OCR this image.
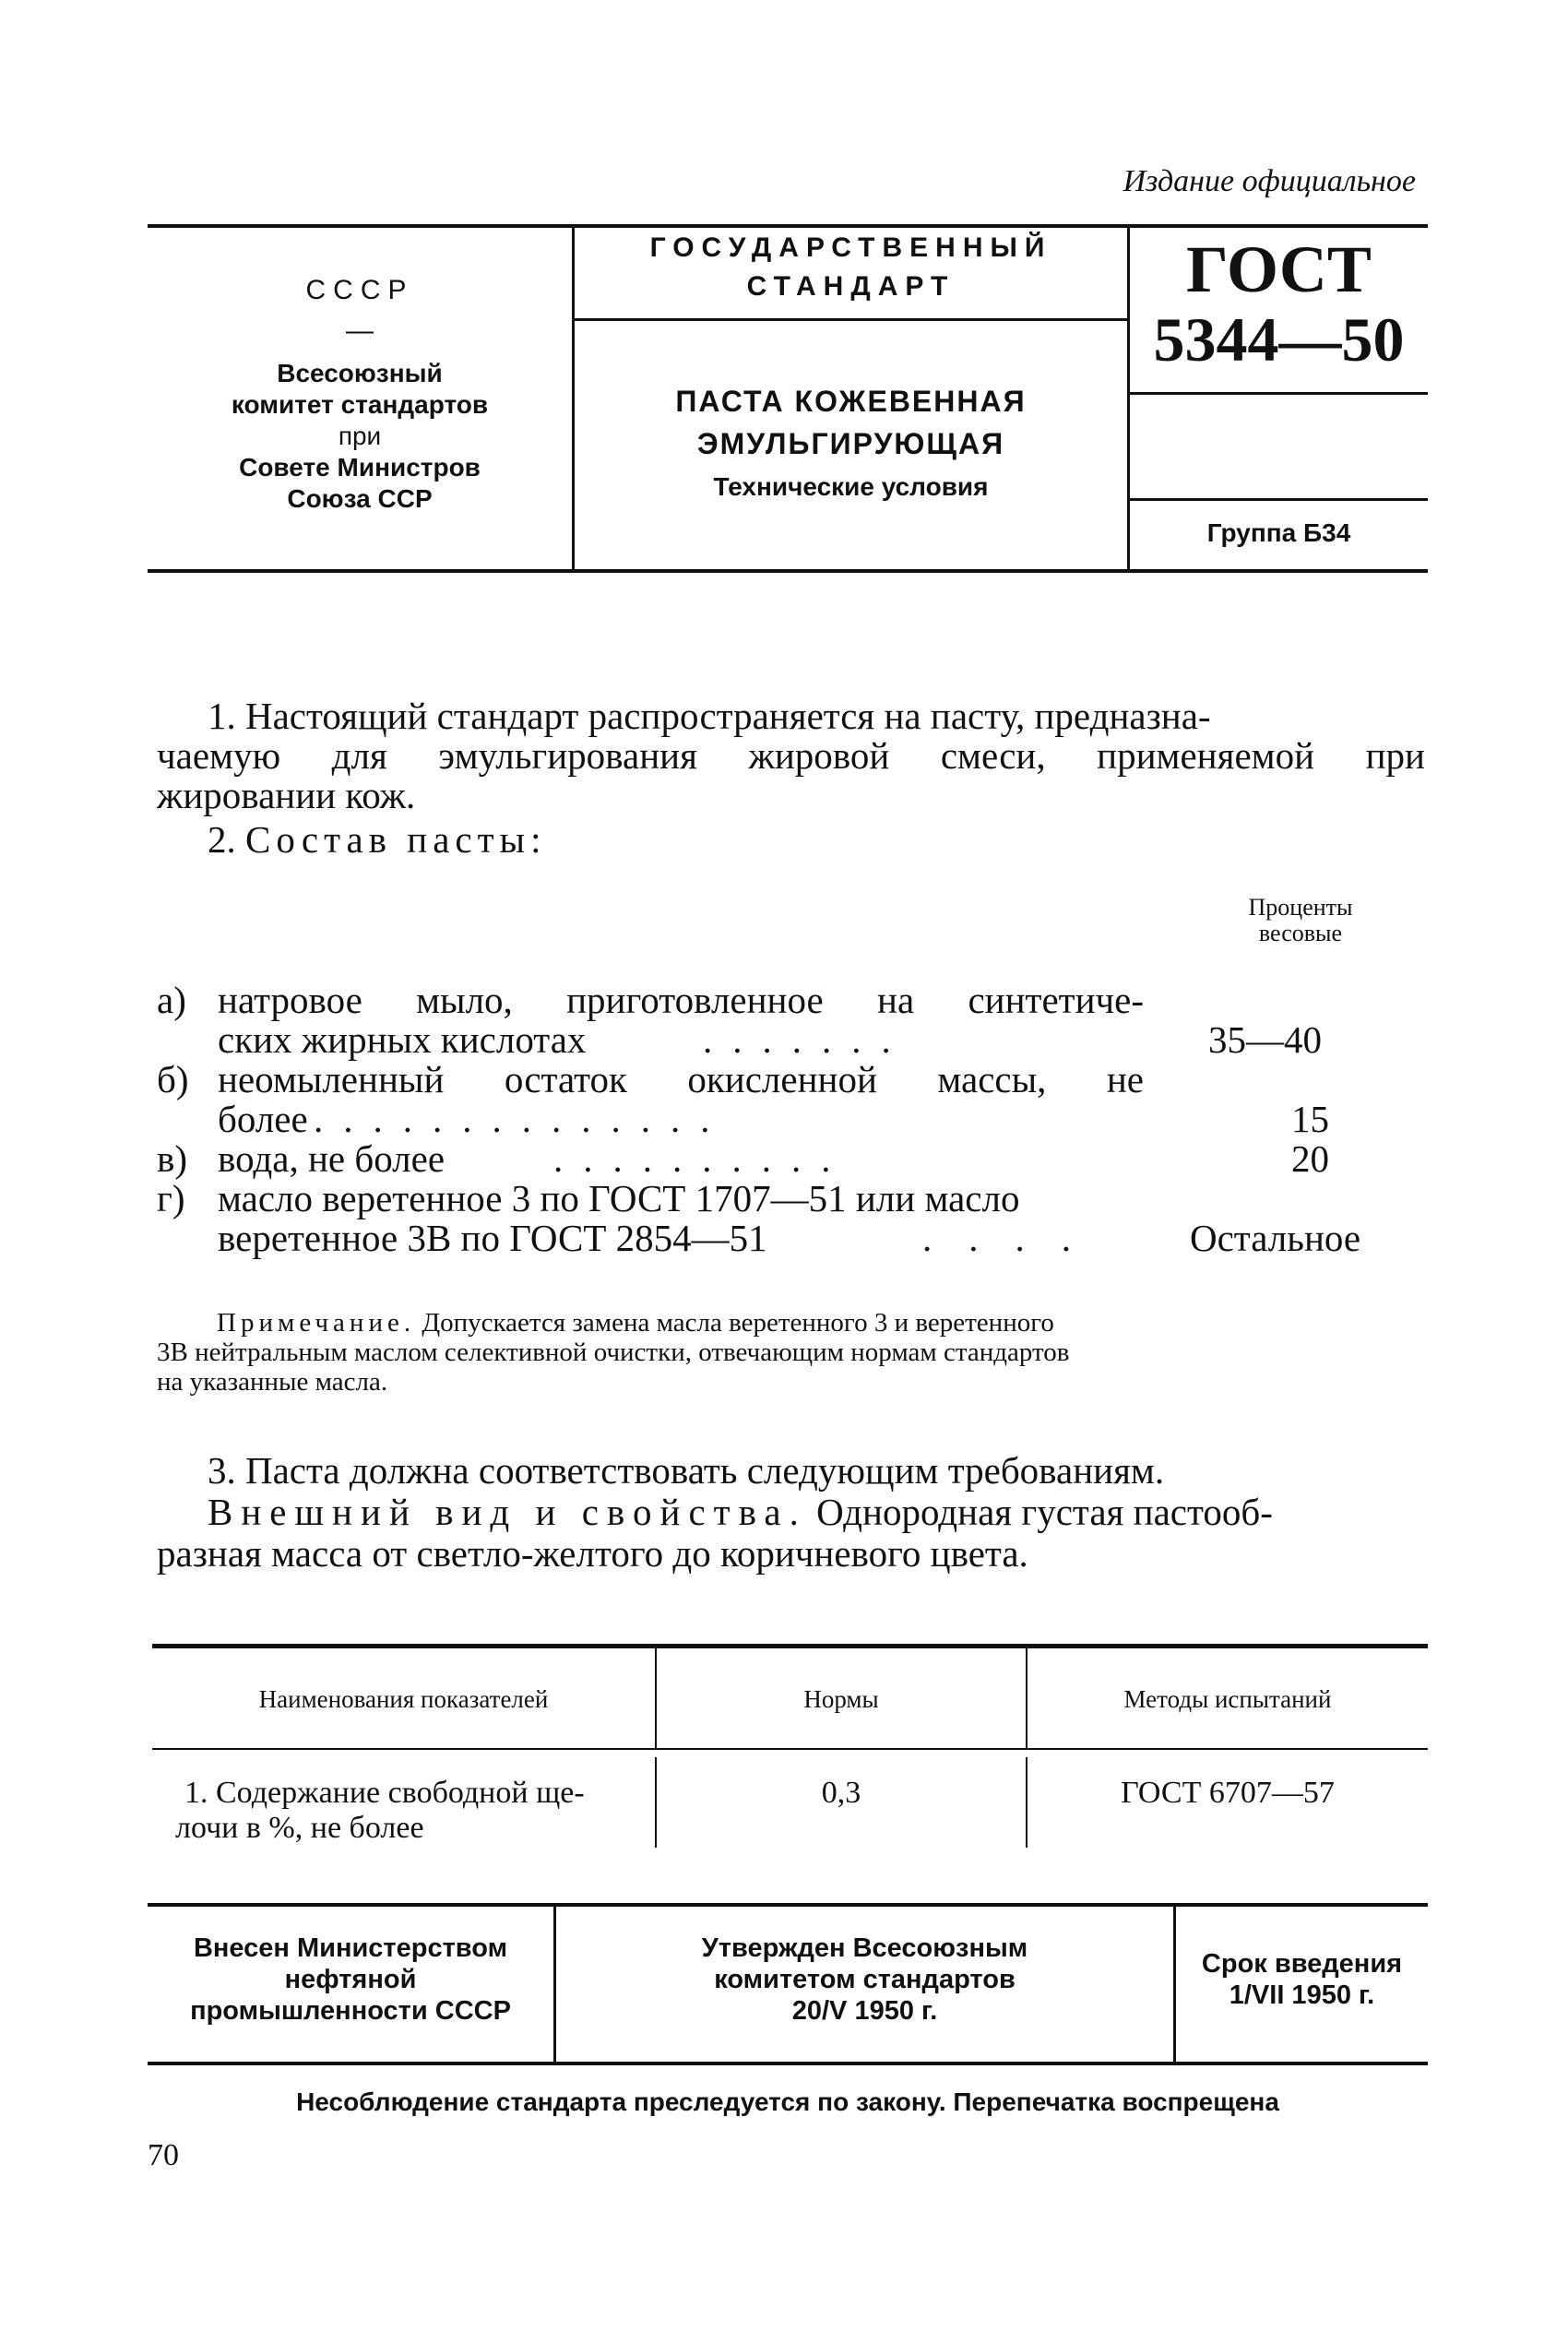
Издание официальное
СССР
—
Всесоюзный
комитет стандартов
при
Совете Министров
Союза ССР
ГОСУДАРСТВЕННЫЙ
СТАНДАРТ
ПАСТА КОЖЕВЕННАЯ
ЭМУЛЬГИРУЮЩАЯ
Технические условия
ГОСТ
5344—50
Группа Б34
1. Настоящий стандарт распространяется на пасту, предназна-
чаемую для эмульгирования жировой смеси, применяемой при
жировании кож.
2. Состав пасты:
Проценты
весовые
а) натровое мыло, приготовленное на синтетиче-
ских жирных кислотах	.......	35—40
б) неомыленный остаток окисленной массы, не
более ..............	15
в) вода, не более	..........	20
г) масло веретенное 3 по ГОСТ 1707—51 или масло
веретенное 3В по ГОСТ 2854—51	.... Остальное
Примечание. Допускается замена масла веретенного 3 и веретенного
3В нейтральным маслом селективной очистки, отвечающим нормам стандартов
на указанные масла.
3. Паста должна соответствовать следующим требованиям.
Внешний вид и свойства. Однородная густая пастооб-
разная масса от светло-желтого до коричневого цвета.
Наименования показателей	Нормы	Методы испытаний
1. Содержание свободной ще-
лочи в %, не более
0,3	ГОСТ 6707—57
Внесен Министерством
нефтяной
промышленности СССР
Утвержден Всесоюзным
комитетом стандартов
20/V 1950 г.
Срок введения
1/VII 1950 г.
Несоблюдение стандарта преследуется по закону. Перепечатка воспрещена
70
